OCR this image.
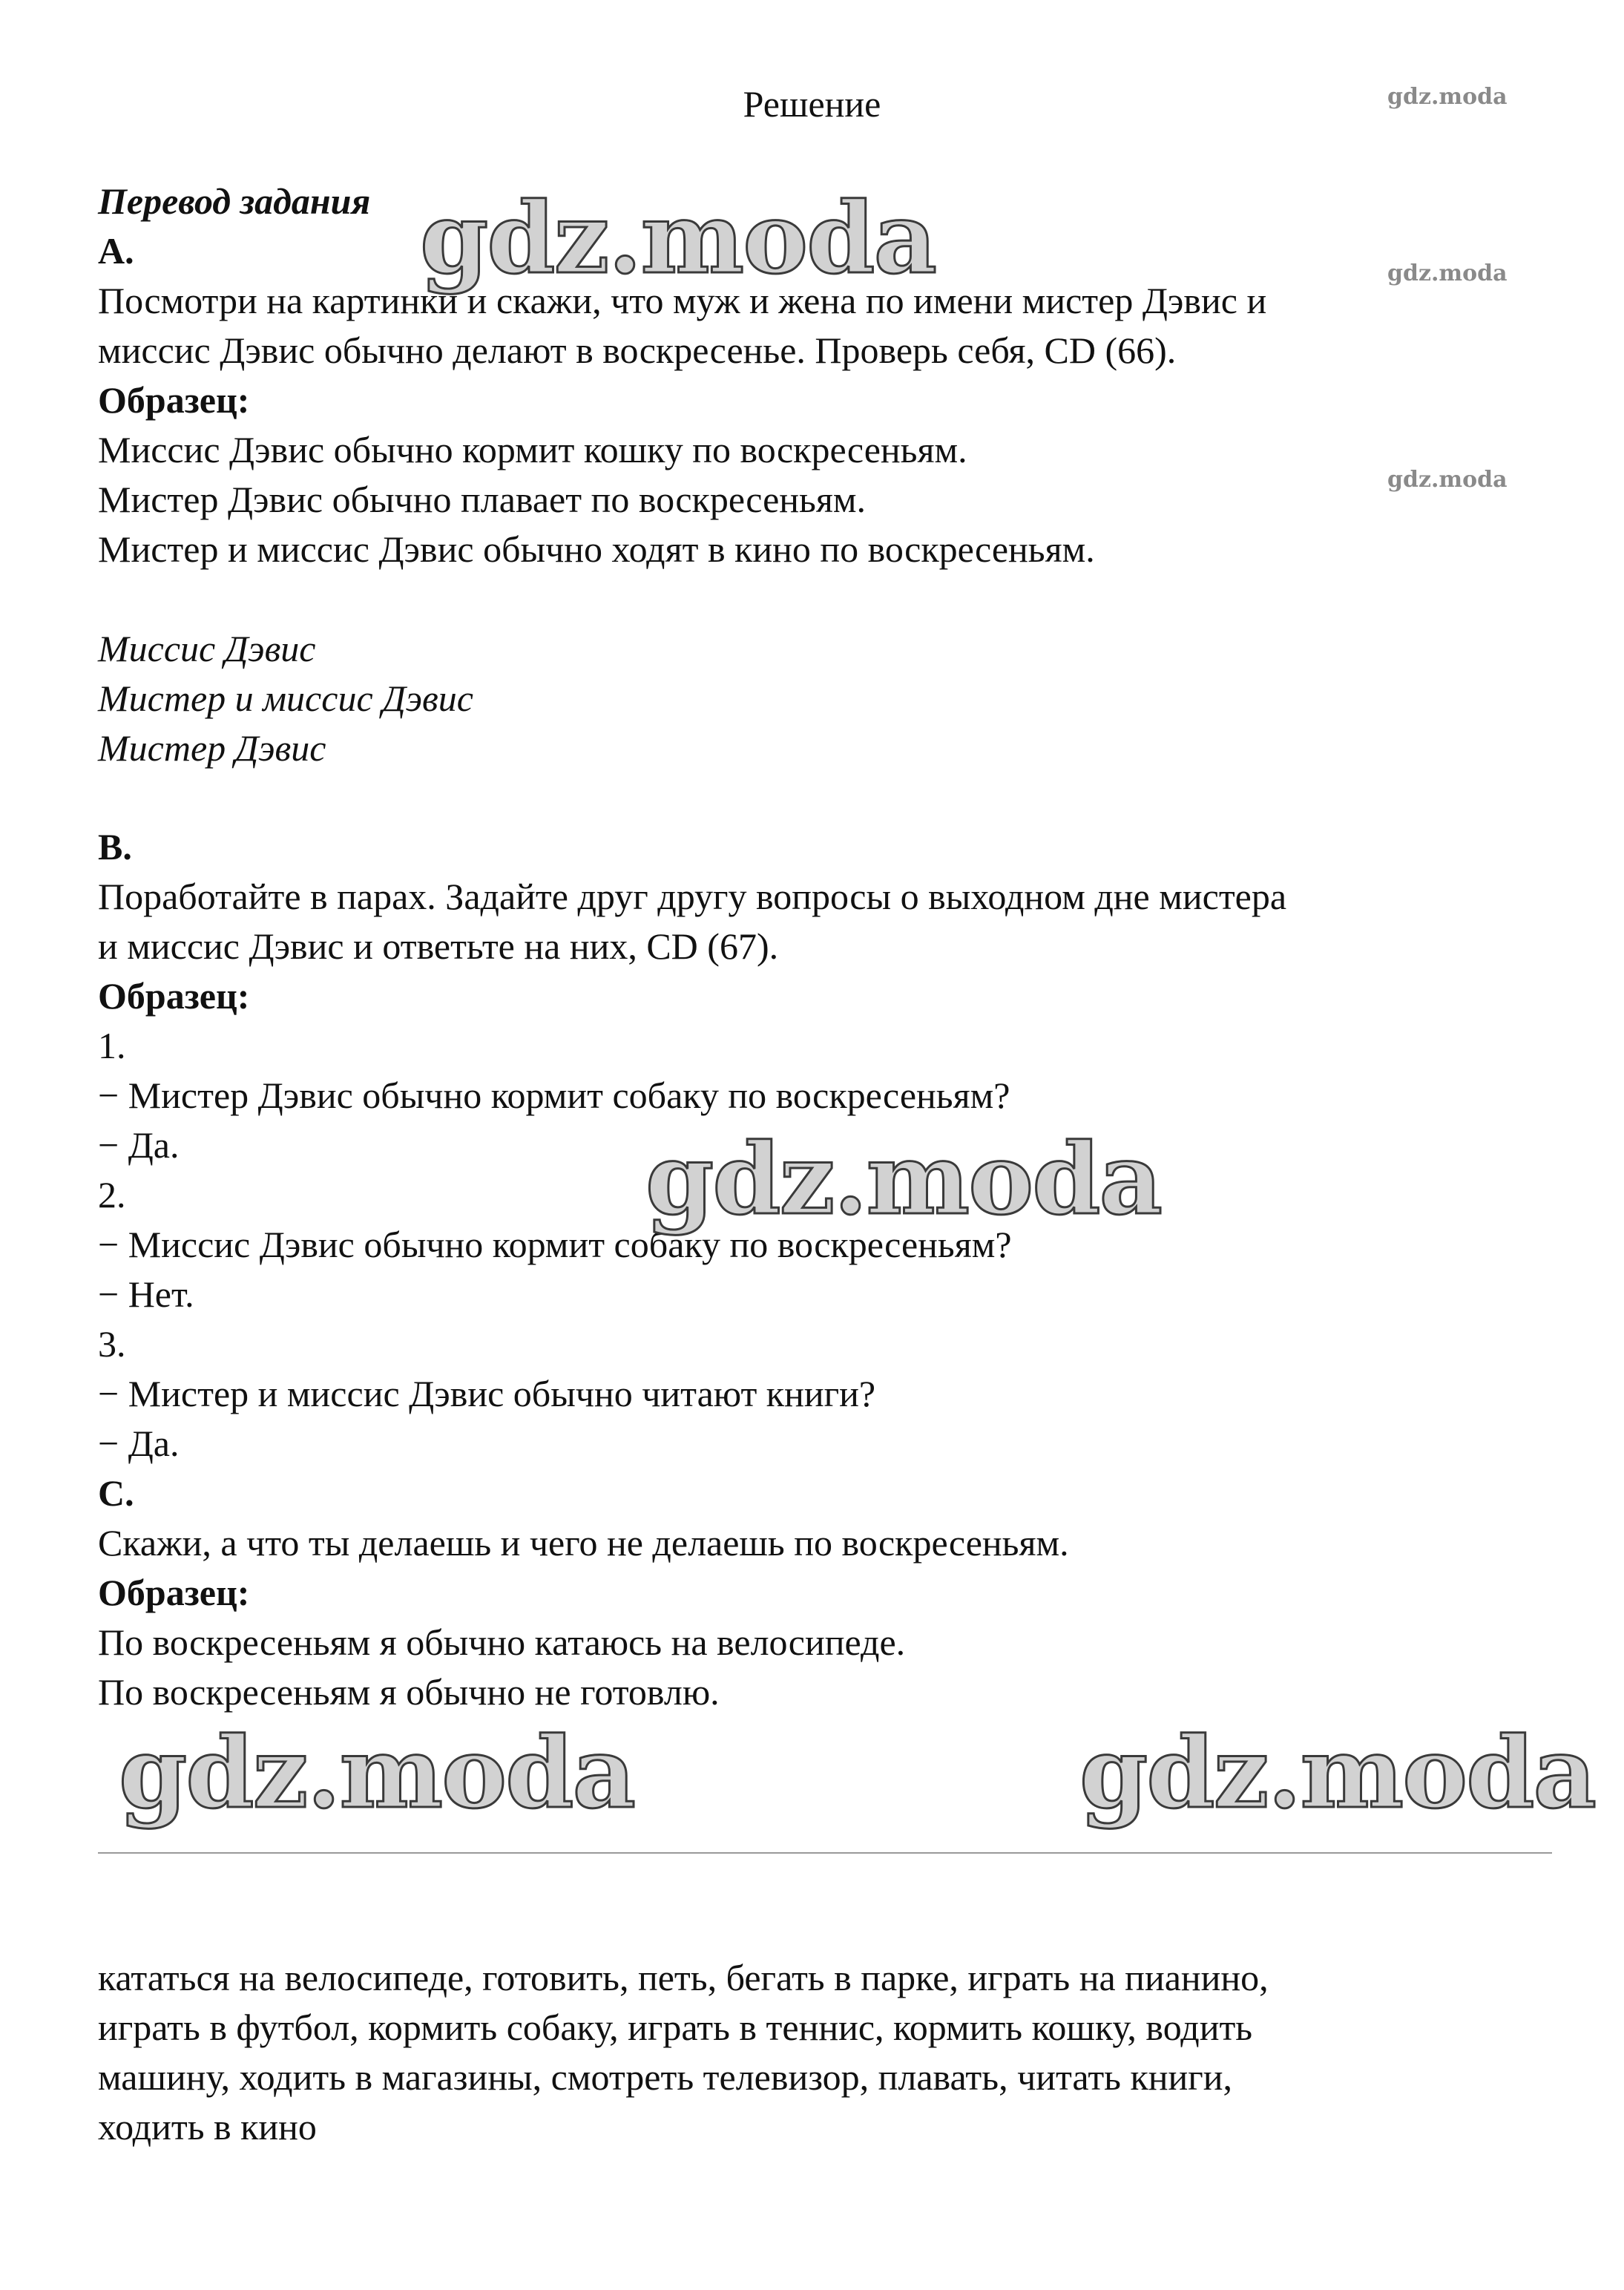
Решение	gdz.moda
gdz.moda
gdz.moda
Перевод задания
A.
Посмотри на картинки и скажи, что муж и жена по имени мистер Дэвис и
миссис Дэвис обычно делают в воскресенье. Проверь себя, CD (66).
Образец:
Миссис Дэвис обычно кормит кошку по воскресеньям.
Мистер Дэвис обычно плавает по воскресеньям.
Мистер и миссис Дэвис обычно ходят в кино по воскресеньям.
Миссис Дэвис
Мистер и миссис Дэвис
Мистер Дэвис
B.
Поработайте в парах. Задайте друг другу вопросы о выходном дне мистера
и миссис Дэвис и ответьте на них, CD (67).
Образец:
1.
− Мистер Дэвис обычно кормит собаку по воскресеньям?
− Да.
2.
− Миссис Дэвис обычно кормит собаку по воскресеньям?
− Нет.
3.
− Мистер и миссис Дэвис обычно читают книги?
− Да.
C.
Скажи, а что ты делаешь и чего не делаешь по воскресеньям.
Образец:
По воскресеньям я обычно катаюсь на велосипеде.
По воскресеньям я обычно не готовлю.
gdz.moda
gdz.moda
gdz.moda	gdz.moda
кататься на велосипеде, готовить, петь, бегать в парке, играть на пианино,
играть в футбол, кормить собаку, играть в теннис, кормить кошку, водить
машину, ходить в магазины, смотреть телевизор, плавать, читать книги,
ходить в кино
